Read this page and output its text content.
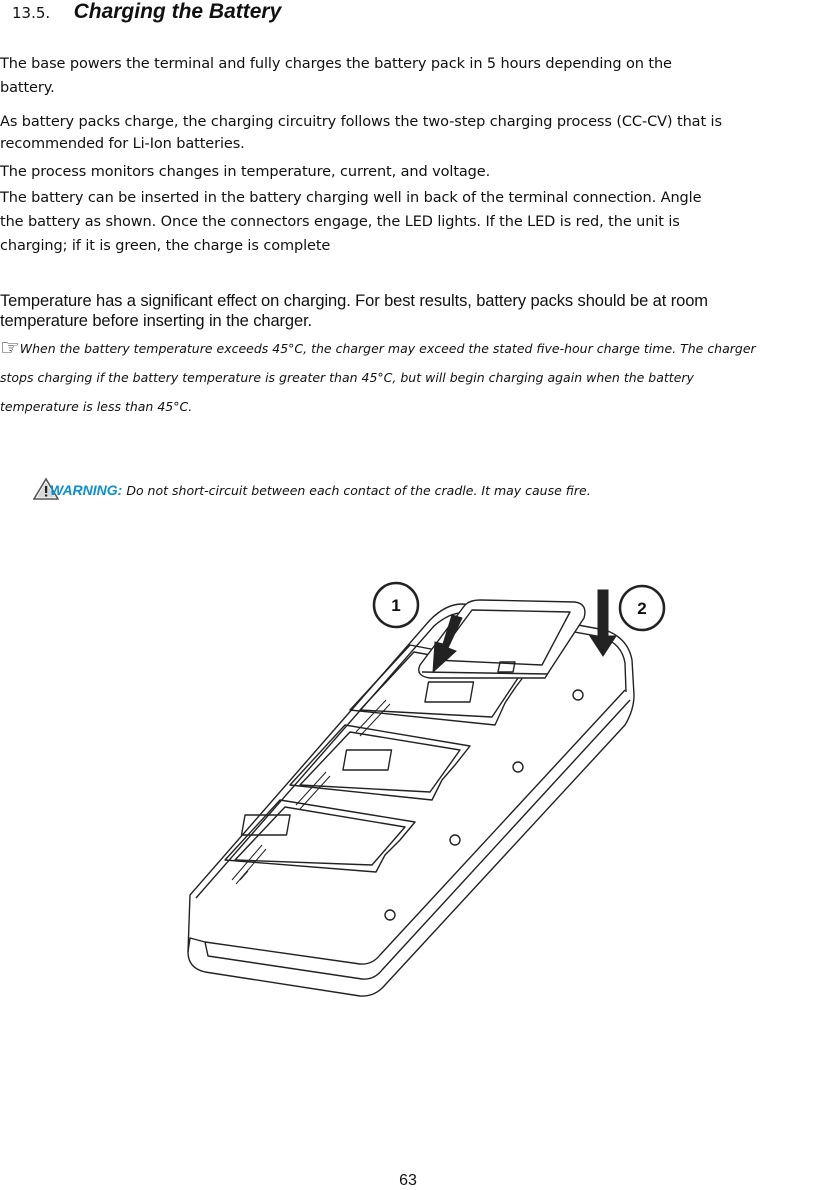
13.5. Charging the Battery
The base powers the terminal and fully charges the battery pack in 5 hours depending on the
battery.
As battery packs charge, the charging circuitry follows the two-step charging process (CC-CV) that is
recommended for Li-Ion batteries.
The process monitors changes in temperature, current, and voltage.
The battery can be inserted in the battery charging well in back of the terminal connection. Angle
the battery as shown. Once the connectors engage, the LED lights. If the LED is red, the unit is
charging; if it is green, the charge is complete
Temperature has a significant effect on charging. For best results, battery packs should be at room
temperature before inserting in the charger.
☞When the battery temperature exceeds 45°C, the charger may exceed the stated five-hour charge time. The charger
stops charging if the battery temperature is greater than 45°C, but will begin charging again when the battery
temperature is less than 45°C.
WARNING: Do not short-circuit between each contact of the cradle. It may cause fire.
1	2
63
